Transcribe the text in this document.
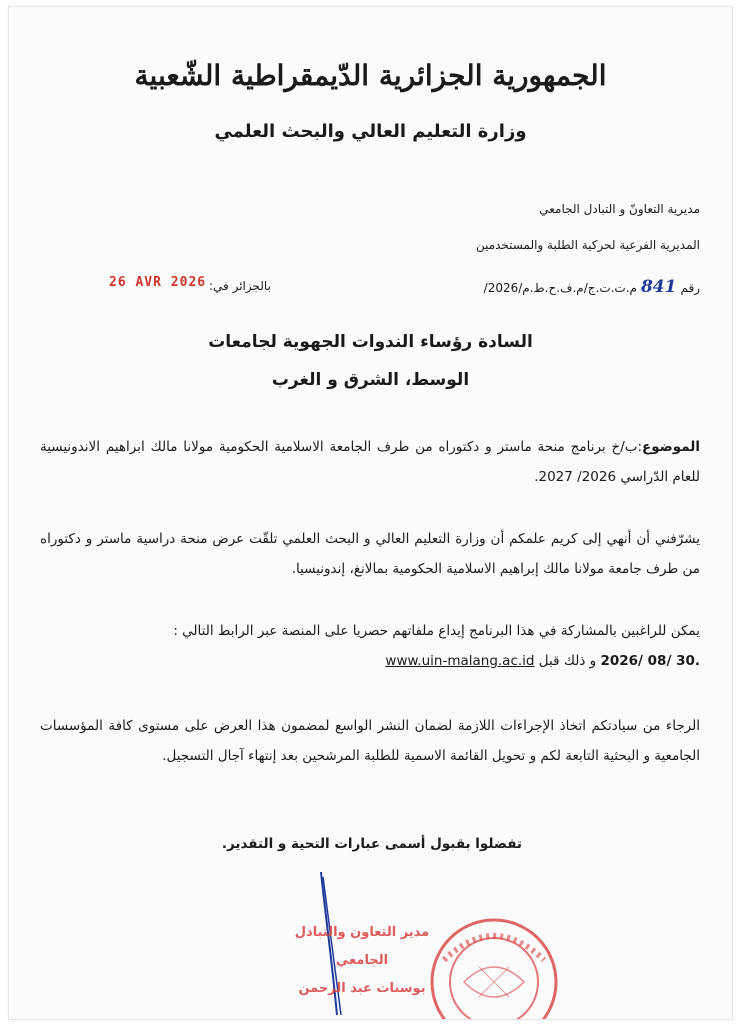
الجمهورية الجزائرية الدّيمقراطية الشّعبية
وزارة التعليم العالي والبحث العلمي
مديرية التعاونّ و التبادل الجامعي
المديرية الفرعية لحركية الطلبة والمستخدمين
رقم
841
/م.ت.ت.ج/م.ف.ح.ط.م/2026
بالجزائر في:
26 AVR 2026
السادة رؤساء الندوات الجهوية لجامعات
الوسط، الشرق و الغرب
الموضوع:ب/خ برنامج منحة ماستر و دكتوراه من طرف الجامعة الاسلامية الحكومية مولانا مالك ابراهيم الاندونيسية للعام الدّراسي 2026/ 2027.
يشرّفني أن أنهي إلى كريم علمكم أن وزارة التعليم العالي و البحث العلمي تلقّت عرض منحة دراسية ماستر و دكتوراه من طرف جامعة مولانا مالك إبراهيم الاسلامية الحكومية بمالانغ، إندونيسيا.
يمكن للراغبين بالمشاركة في هذا البرنامج إيداع ملفاتهم حصريا على المنصة عبر الرابط التالي :
www.uin-malang.ac.id و ذلك قبل 2026/ 08/ 30.
الرجاء من سيادتكم اتخاذ الإجراءات اللازمة لضمان النشر الواسع لمضمون هذا العرض على مستوى كافة المؤسسات الجامعية و البحثية التابعة لكم و تحويل القائمة الاسمية للطلبة المرشحين بعد إنتهاء آجال التسجيل.
تفضلوا بقبول أسمى عبارات التحية و التقدير.
مدير التعاون والتبادل الجامعي
بوسنات عبد الرحمن
